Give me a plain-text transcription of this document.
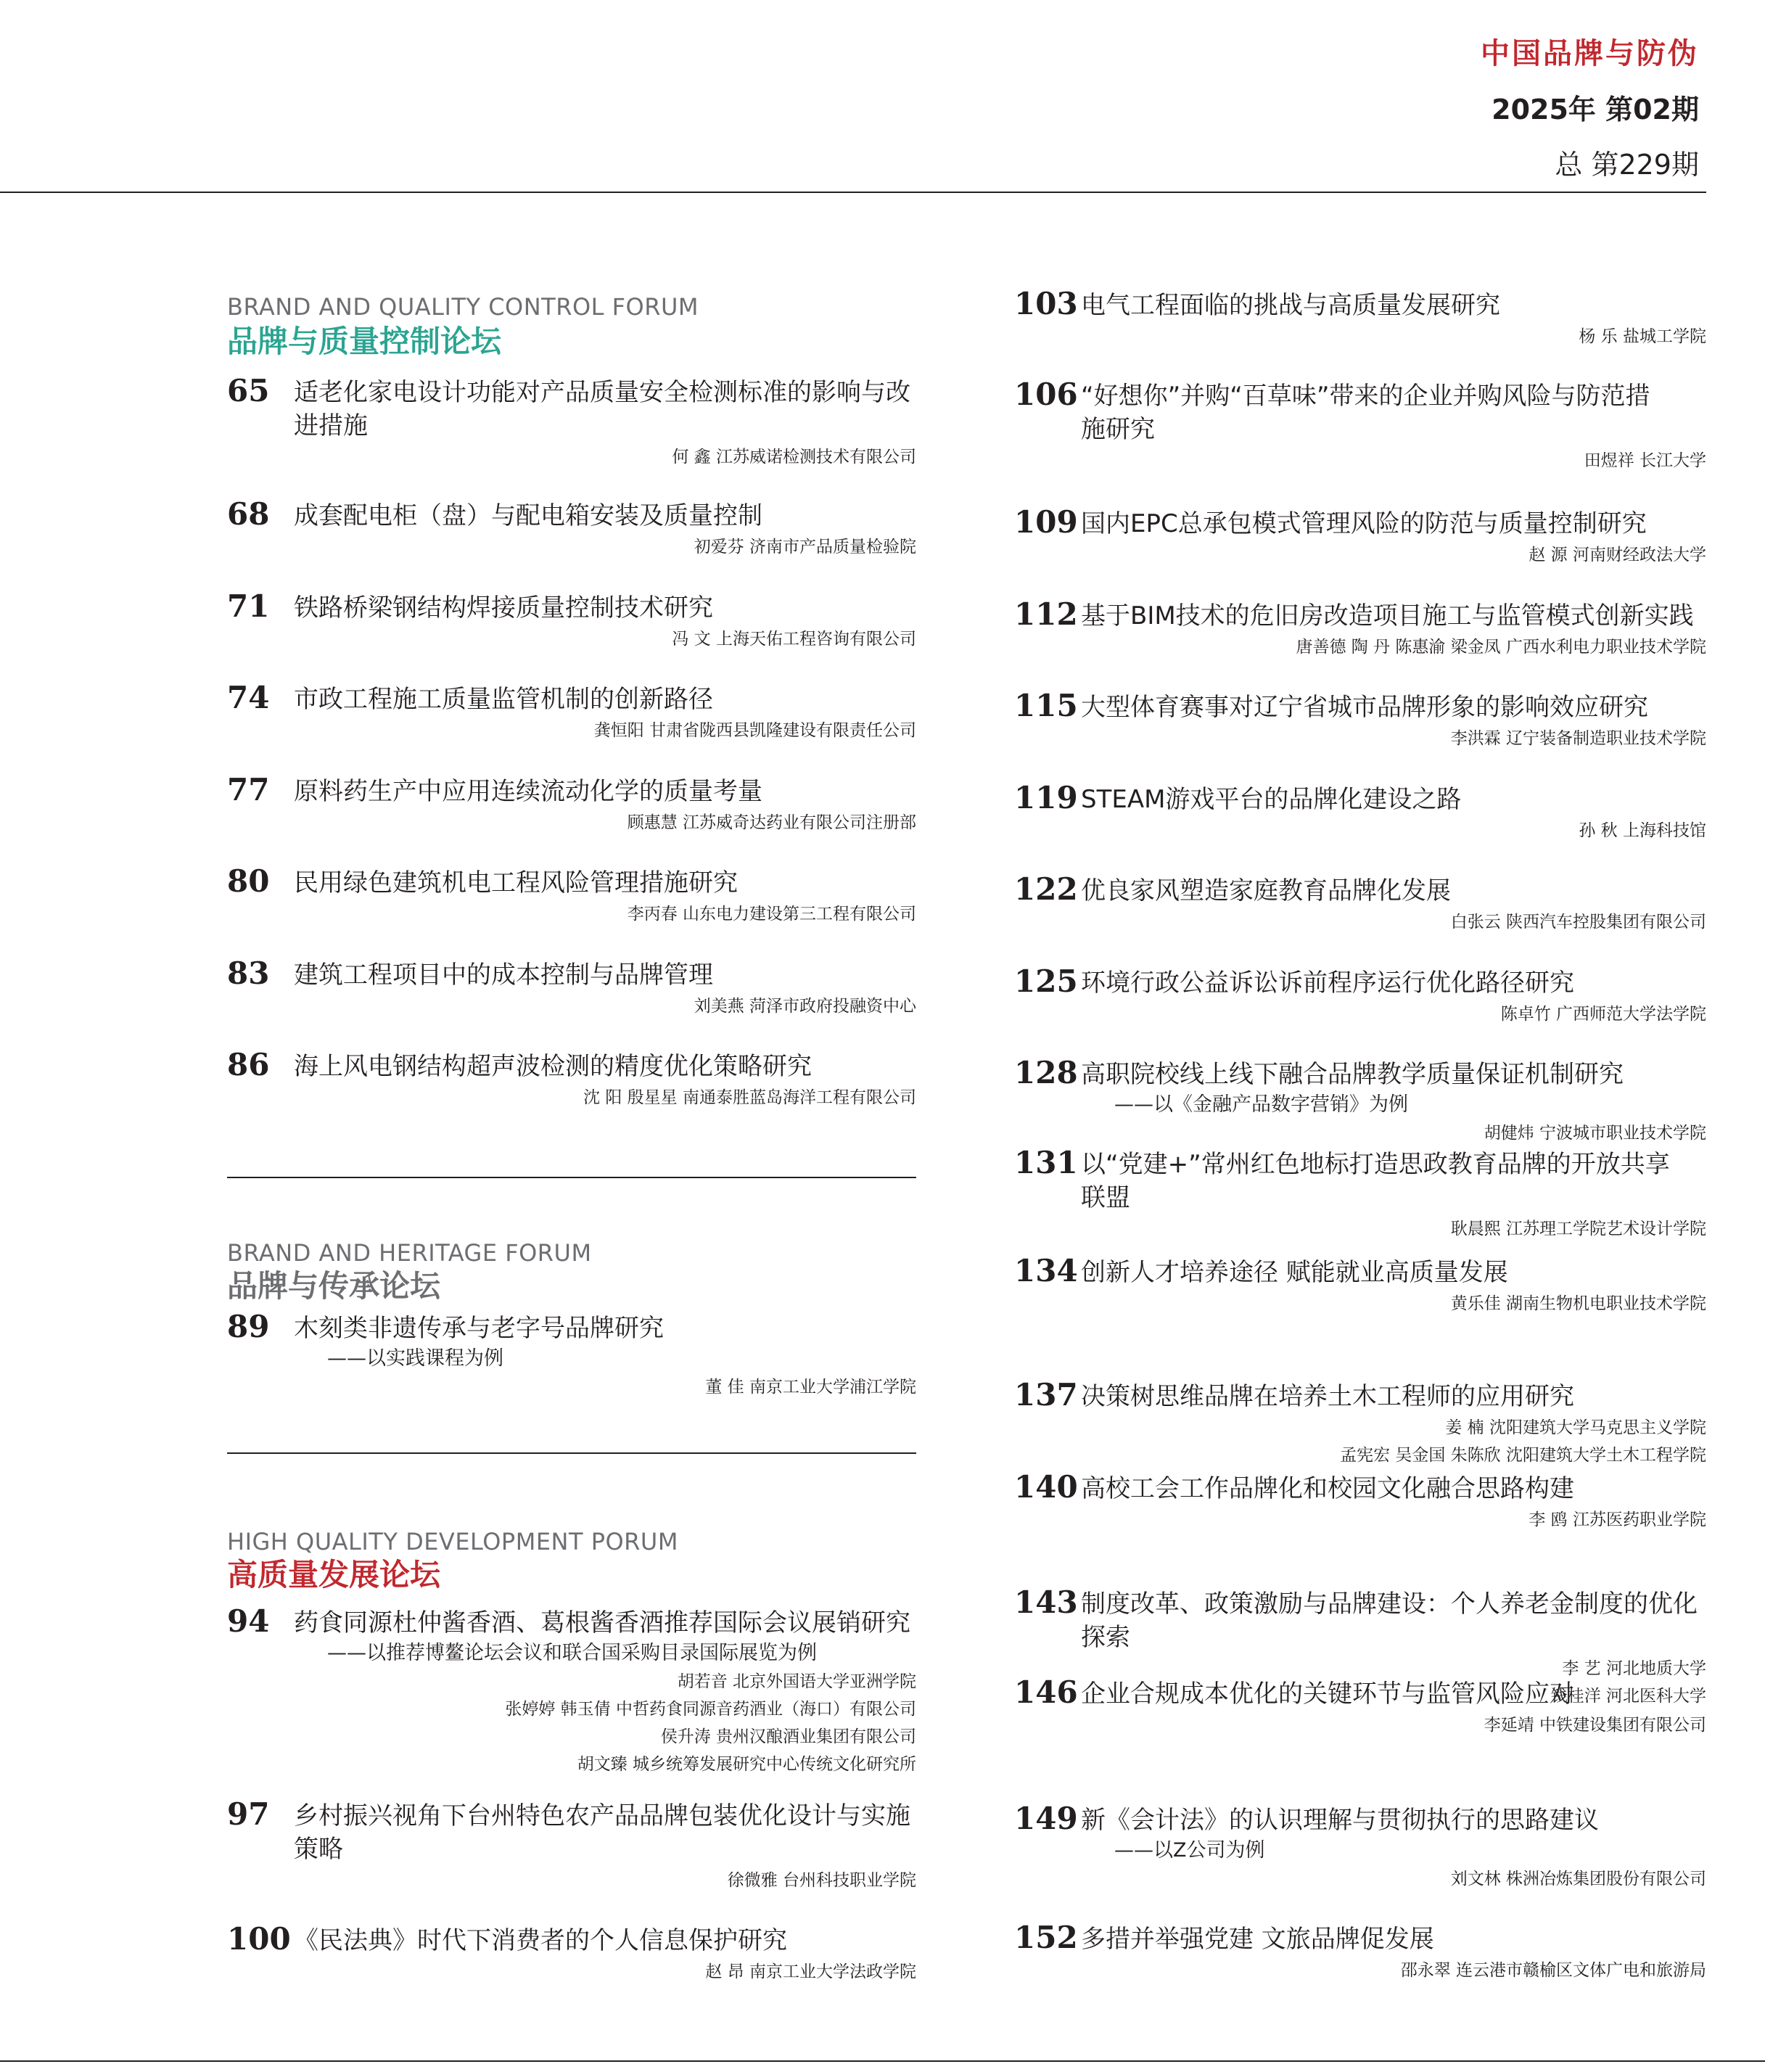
中国品牌与防伪
2025年 第02期
总 第229期
BRAND AND QUALITY CONTROL FORUM
品牌与质量控制论坛
BRAND AND HERITAGE FORUM
品牌与传承论坛
HIGH QUALITY DEVELOPMENT PORUM
高质量发展论坛
65 适老化家电设计功能对产品质量安全检测标准的影响与改
进措施
何 鑫 江苏威诺检测技术有限公司
68 成套配电柜（盘）与配电箱安装及质量控制
初爱芬 济南市产品质量检验院
71 铁路桥梁钢结构焊接质量控制技术研究
冯 文 上海天佑工程咨询有限公司
74 市政工程施工质量监管机制的创新路径
龚恒阳 甘肃省陇西县凯隆建设有限责任公司
77 原料药生产中应用连续流动化学的质量考量
顾惠慧 江苏威奇达药业有限公司注册部
80 民用绿色建筑机电工程风险管理措施研究
李丙春 山东电力建设第三工程有限公司
83 建筑工程项目中的成本控制与品牌管理
刘美燕 菏泽市政府投融资中心
86 海上风电钢结构超声波检测的精度优化策略研究
沈 阳 殷星星 南通泰胜蓝岛海洋工程有限公司
89 木刻类非遗传承与老字号品牌研究
——以实践课程为例
董 佳 南京工业大学浦江学院
94 药食同源杜仲酱香酒、葛根酱香酒推荐国际会议展销研究
——以推荐博鳌论坛会议和联合国采购目录国际展览为例
胡若音 北京外国语大学亚洲学院
张婷婷 韩玉倩 中哲药食同源音药酒业（海口）有限公司
侯升涛 贵州汉酿酒业集团有限公司
胡文臻 城乡统筹发展研究中心传统文化研究所
97 乡村振兴视角下台州特色农产品品牌包装优化设计与实施
策略
徐微雅 台州科技职业学院
100 《民法典》时代下消费者的个人信息保护研究
赵 昂 南京工业大学法政学院
103 电气工程面临的挑战与高质量发展研究
杨 乐 盐城工学院
106 “好想你”并购“百草味”带来的企业并购风险与防范措
施研究
田煜祥 长江大学
109 国内EPC总承包模式管理风险的防范与质量控制研究
赵 源 河南财经政法大学
112 基于BIM技术的危旧房改造项目施工与监管模式创新实践
唐善德 陶 丹 陈惠渝 梁金凤 广西水利电力职业技术学院
115 大型体育赛事对辽宁省城市品牌形象的影响效应研究
李洪霖 辽宁装备制造职业技术学院
119 STEAM游戏平台的品牌化建设之路
孙 秋 上海科技馆
122 优良家风塑造家庭教育品牌化发展
白张云 陕西汽车控股集团有限公司
125 环境行政公益诉讼诉前程序运行优化路径研究
陈卓竹 广西师范大学法学院
128 高职院校线上线下融合品牌教学质量保证机制研究
——以《金融产品数字营销》为例
胡健炜 宁波城市职业技术学院
131 以“党建+”常州红色地标打造思政教育品牌的开放共享
联盟
耿晨熙 江苏理工学院艺术设计学院
134 创新人才培养途径 赋能就业高质量发展
黄乐佳 湖南生物机电职业技术学院
137 决策树思维品牌在培养土木工程师的应用研究
姜 楠 沈阳建筑大学马克思主义学院
孟宪宏 吴金国 朱陈欣 沈阳建筑大学土木工程学院
140 高校工会工作品牌化和校园文化融合思路构建
李 鸥 江苏医药职业学院
143 制度改革、政策激励与品牌建设：个人养老金制度的优化
探索
李 艺 河北地质大学
钱桂洋 河北医科大学
146 企业合规成本优化的关键环节与监管风险应对
李延靖 中铁建设集团有限公司
149 新《会计法》的认识理解与贯彻执行的思路建议
——以Z公司为例
刘文林 株洲冶炼集团股份有限公司
152 多措并举强党建 文旅品牌促发展
邵永翠 连云港市赣榆区文体广电和旅游局
